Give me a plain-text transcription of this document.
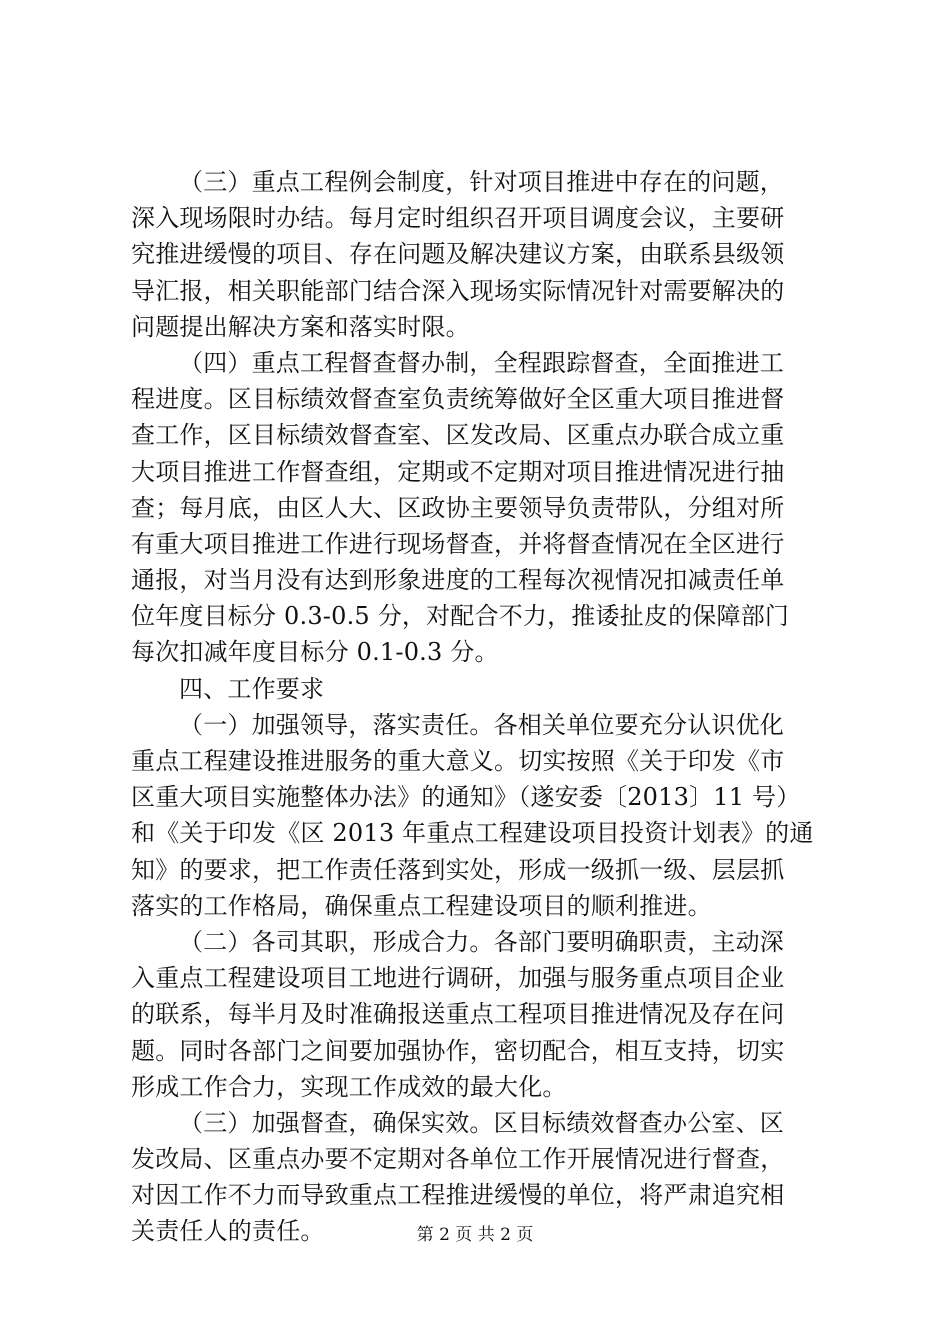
（三）重点工程例会制度，针对项目推进中存在的问题，
深入现场限时办结。每月定时组织召开项目调度会议，主要研
究推进缓慢的项目、存在问题及解决建议方案，由联系县级领
导汇报，相关职能部门结合深入现场实际情况针对需要解决的
问题提出解决方案和落实时限。
（四）重点工程督查督办制，全程跟踪督查，全面推进工
程进度。区目标绩效督查室负责统筹做好全区重大项目推进督
查工作，区目标绩效督查室、区发改局、区重点办联合成立重
大项目推进工作督查组，定期或不定期对项目推进情况进行抽
查；每月底，由区人大、区政协主要领导负责带队，分组对所
有重大项目推进工作进行现场督查，并将督查情况在全区进行
通报，对当月没有达到形象进度的工程每次视情况扣减责任单
位年度目标分 0.3-0.5 分，对配合不力，推诿扯皮的保障部门
每次扣减年度目标分 0.1-0.3 分。
四、工作要求
（一）加强领导，落实责任。各相关单位要充分认识优化
重点工程建设推进服务的重大意义。切实按照《关于印发《市
区重大项目实施整体办法》的通知》（遂安委〔2013〕11 号）
和《关于印发《区 2013 年重点工程建设项目投资计划表》的通
知》的要求，把工作责任落到实处，形成一级抓一级、层层抓
落实的工作格局，确保重点工程建设项目的顺利推进。
（二）各司其职，形成合力。各部门要明确职责，主动深
入重点工程建设项目工地进行调研，加强与服务重点项目企业
的联系，每半月及时准确报送重点工程项目推进情况及存在问
题。同时各部门之间要加强协作，密切配合，相互支持，切实
形成工作合力，实现工作成效的最大化。
（三）加强督查，确保实效。区目标绩效督查办公室、区
发改局、区重点办要不定期对各单位工作开展情况进行督查，
对因工作不力而导致重点工程推进缓慢的单位，将严肃追究相
关责任人的责任。	第 2 页 共 2 页
